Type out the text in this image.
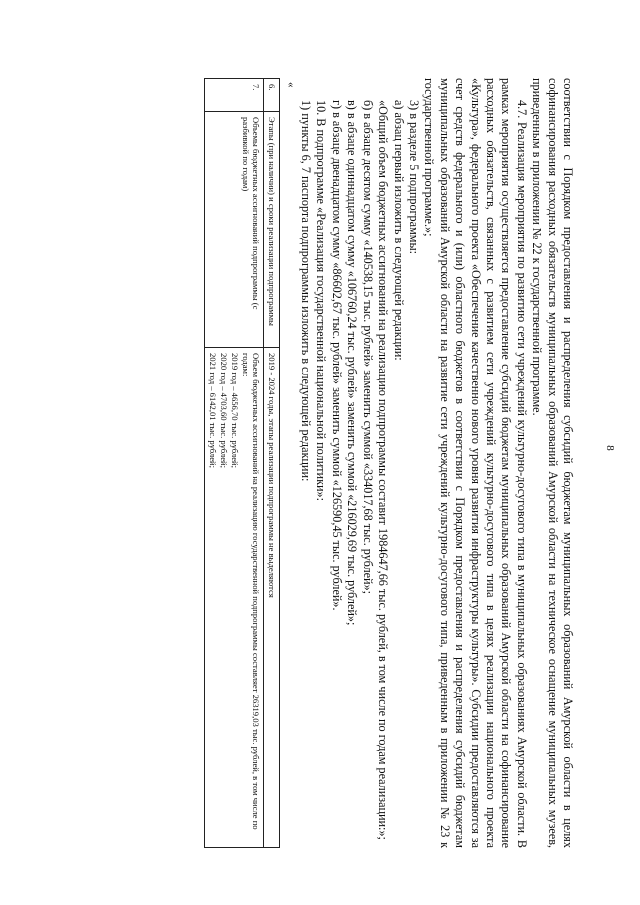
8

соответствии с Порядком предоставления и распределения субсидий бюджетам муниципальных образований Амурской области в целях софинансирования расходных обязательств муниципальных образований Амурской области на техническое оснащение муниципальных музеев, приведенным в приложении № 22 к государственной программе.

4.7. Реализация мероприятия по развитию сети учреждений культурно-досугового типа в муниципальных образованиях Амурской области. В рамках мероприятия осуществляется предоставление субсидий бюджетам муниципальных образований Амурской области на софинансирование расходных обязательств, связанных с развитием сети учреждений культурно-досугового типа в целях реализации национального проекта «Культура», федерального проекта «Обеспечение качественно нового уровня развития инфраструктуры культуры». Субсидии предоставляются за счет средств федерального и (или) областного бюджетов в соответствии с Порядком предоставления и распределения субсидий бюджетам муниципальных образований Амурской области на развитие сети учреждений культурно-досугового типа, приведенным в приложении № 23 к государственной программе.»;

3) в разделе 5 подпрограммы:

а) абзац первый изложить в следующей редакции:

«Общий объем бюджетных ассигнований на реализацию подпрограммы составит 1984647,66 тыс. рублей, в том числе по годам реализации:»;

б) в абзаце десятом сумму «140538,15 тыс. рублей» заменить суммой «334017,68 тыс. рублей»;

в) в абзаце одиннадцатом сумму «106760,24 тыс. рублей» заменить суммой «216029,69 тыс. рублей»;

г) в абзаце двенадцатом сумму «86602,67 тыс. рублей» заменить суммой «126590,45 тыс. рублей».

10. В подпрограмме «Реализация государственной национальной политики»:

1) пункты 6, 7 паспорта подпрограммы изложить в следующей редакции:

«

6.	Этапы (при наличии) и сроки реализации подпрограммы	2019 - 2024 годы, этапы реализации подпрограммы не выделяются

7.	Объемы бюджетных ассигнований подпрограммы (с разбивкой по годам)	Объем бюджетных ассигнований на реализацию государственной подпрограммы составляет 26319,03 тыс. рублей, в том числе по годам:
2019 год – 4656,70 тыс. рублей;
2020 год – 4703,60 тыс. рублей;
2021 год – 6142,01 тыс. рублей;
